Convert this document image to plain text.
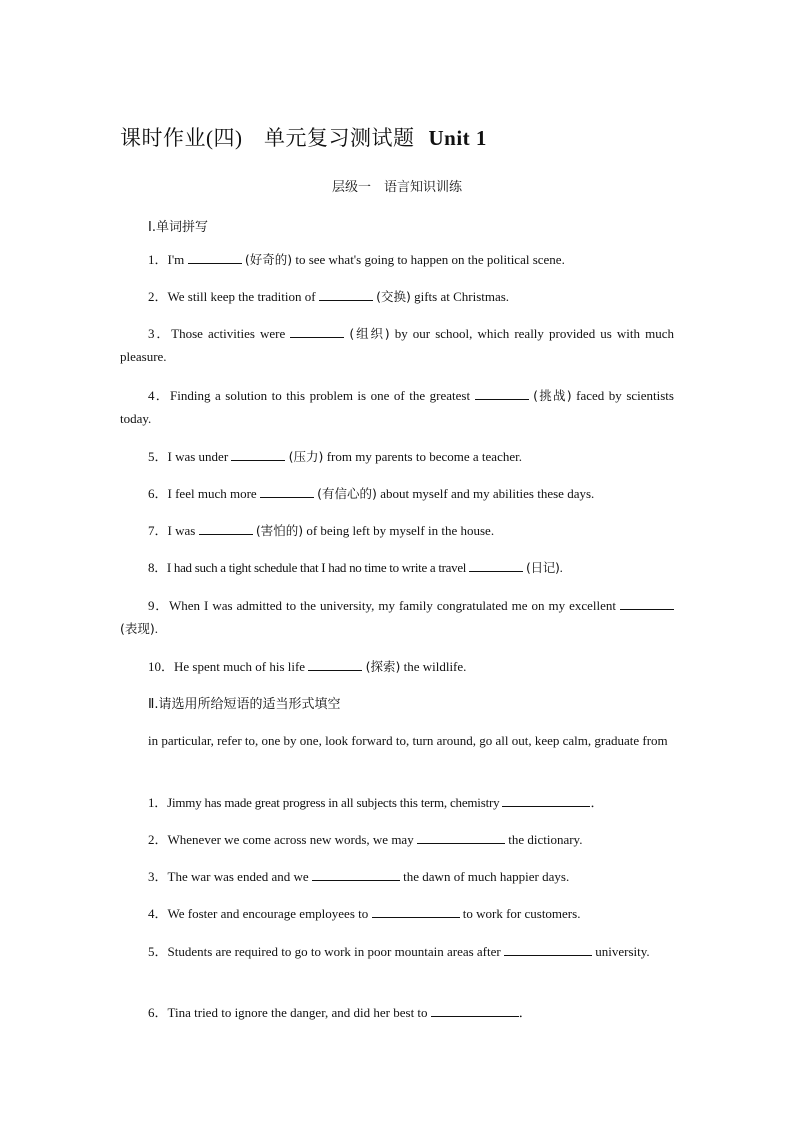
课时作业(四)　单元复习测试题 Unit 1
层级一　语言知识训练
Ⅰ.单词拼写
1．I'm	(好奇的) to see what's going to happen on the political scene.
2．We still keep the tradition of	(交换) gifts at Christmas.
3．Those activities were	(组织) by our school, which really provided us with much pleasure.
4．Finding a solution to this problem is one of the greatest	(挑战) faced by scientists today.
5．I was under	(压力) from my parents to become a teacher.
6．I feel much more	(有信心的) about myself and my abilities these days.
7．I was	(害怕的) of being left by myself in the house.
8．I had such a tight schedule that I had no time to write a travel	(日记).
9．When I was admitted to the university, my family congratulated me on my excellent  (表现).
10．He spent much of his life	(探索) the wildlife.
Ⅱ.请选用所给短语的适当形式填空
in particular, refer to, one by one, look forward to, turn around, go all out, keep calm, graduate from
1．Jimmy has made great progress in all subjects this term, chemistry	．
2．Whenever we come across new words, we may	the dictionary.
3．The war was ended and we	the dawn of much happier days.
4．We foster and encourage employees to	to work for customers.
5．Students are required to go to work in poor mountain areas after	university.
6．Tina tried to ignore the danger, and did her best to	．
